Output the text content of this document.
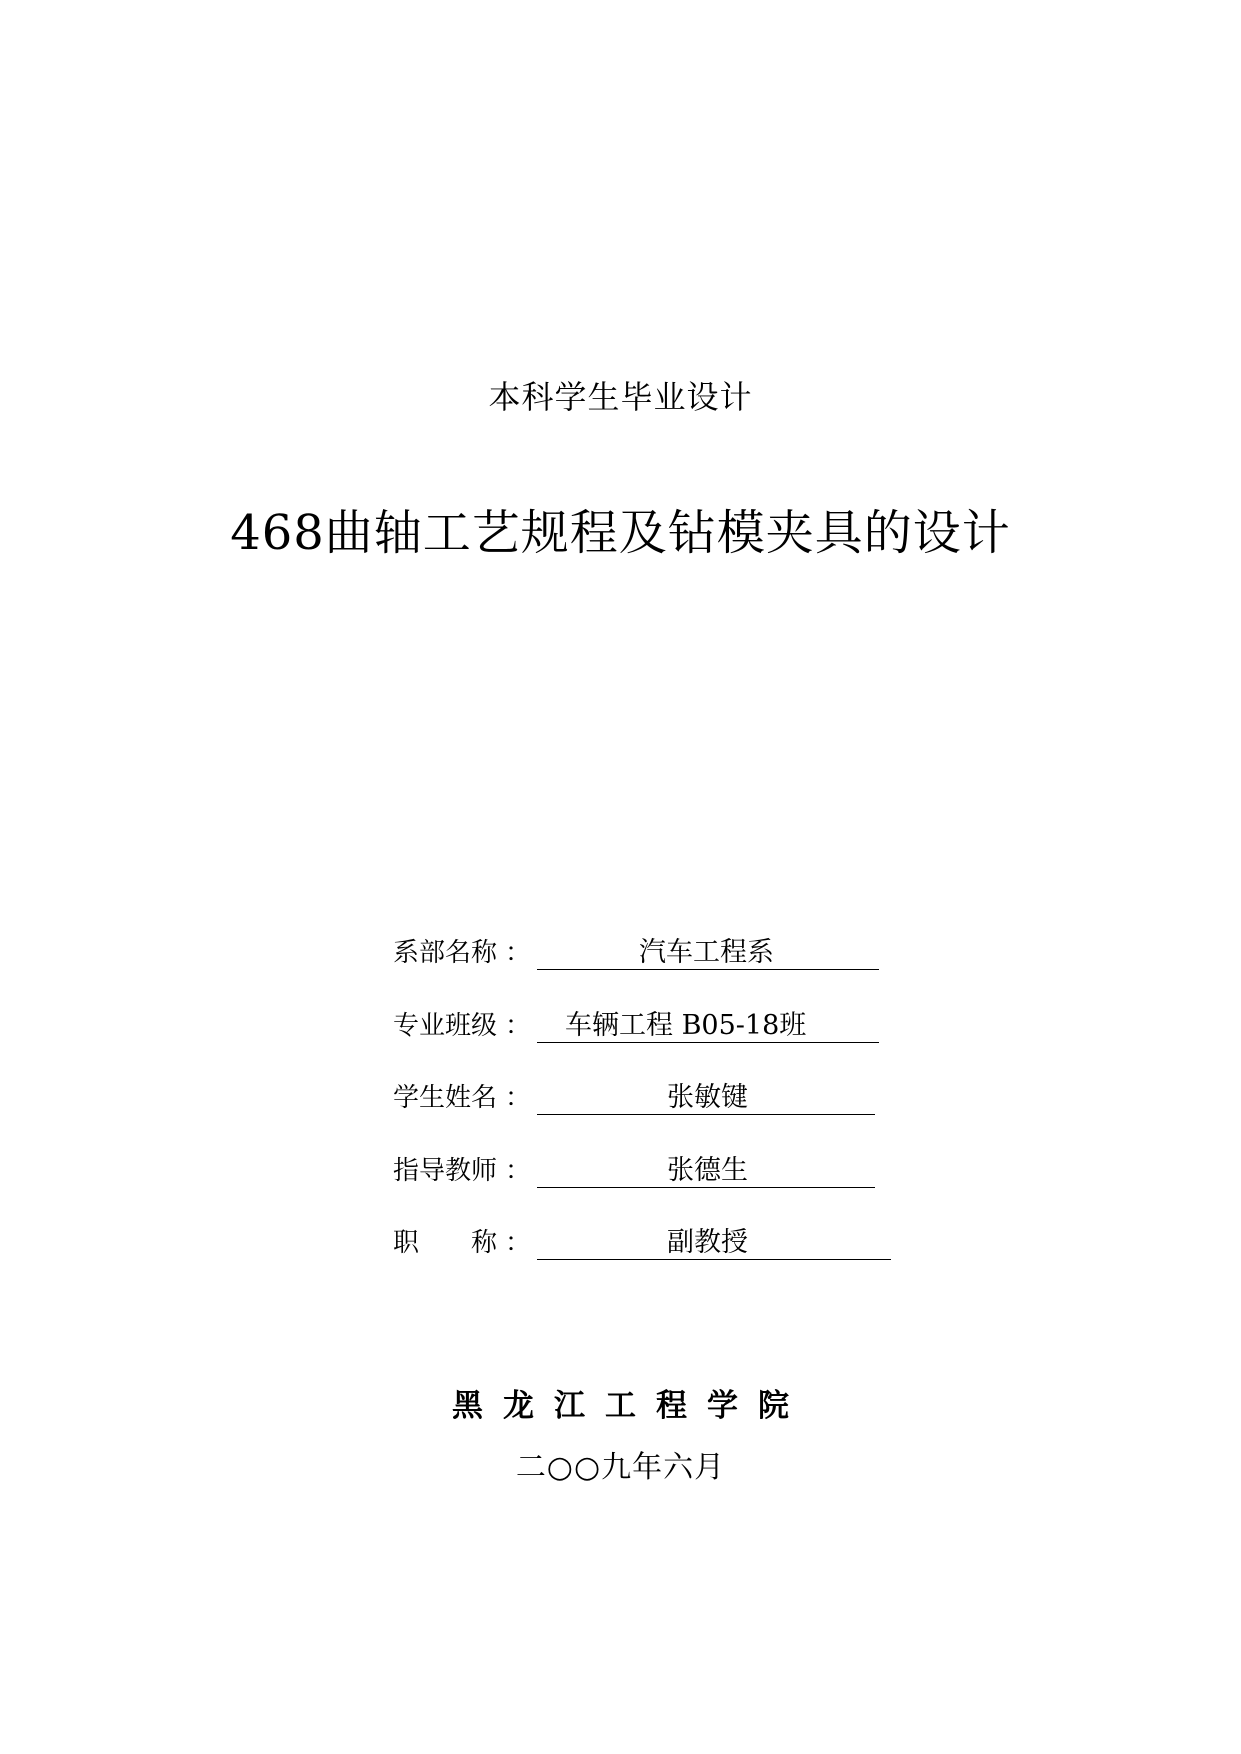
本科学生毕业设计
468曲轴工艺规程及钻模夹具的设计
系部名称 ：	汽车工程系
专业班级 ： 车辆工程 B05-18班
学生姓名 ：	张敏键
指导教师 ：	张德生
职　　称 ：	副教授
黑龙江工程学院
二○○九年六月
